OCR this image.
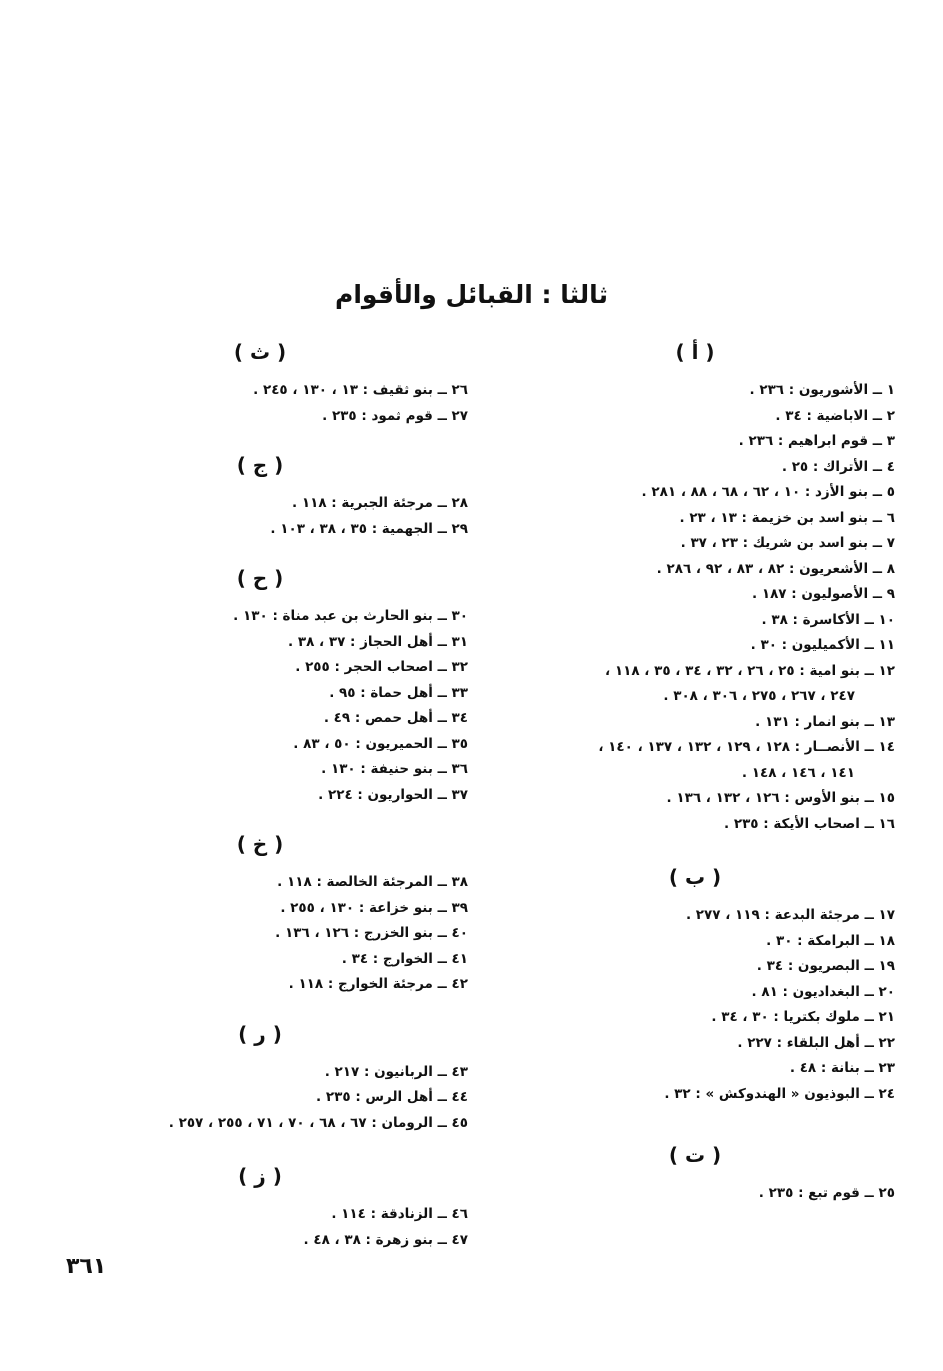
ثالثا : القبائل والأقوام
( أ )
١ ــ الأشوريون : ٢٣٦ .
٢ ــ الاباضية : ٣٤ .
٣ ــ قوم ابراهيم : ٢٣٦ .
٤ ــ الأتراك : ٢٥ .
٥ ــ بنو الأزد : ١٠ ، ٦٢ ، ٦٨ ، ٨٨ ، ٢٨١ .
٦ ــ بنو اسد بن خزيمة : ١٣ ، ٢٣ .
٧ ــ بنو اسد بن شريك : ٢٣ ، ٣٧ .
٨ ــ الأشعريون : ٨٢ ، ٨٣ ، ٩٢ ، ٢٨٦ .
٩ ــ الأصوليون : ١٨٧ .
١٠ ــ الأكاسرة : ٣٨ .
١١ ــ الأكميليون : ٣٠ .
١٢ ــ بنو امية : ٢٥ ، ٢٦ ، ٣٢ ، ٣٤ ، ٣٥ ، ١١٨ ،
٢٤٧ ، ٢٦٧ ، ٢٧٥ ، ٣٠٦ ، ٣٠٨ .
١٣ ــ بنو انمار : ١٣١ .
١٤ ــ الأنصــار : ١٢٨ ، ١٢٩ ، ١٣٢ ، ١٣٧ ، ١٤٠ ،
١٤١ ، ١٤٦ ، ١٤٨ .
١٥ ــ بنو الأوس : ١٢٦ ، ١٣٢ ، ١٣٦ .
١٦ ــ اصحاب الأيكة : ٢٣٥ .
( ب )
١٧ ــ مرجئة البدعة : ١١٩ ، ٢٧٧ .
١٨ ــ البرامكة : ٣٠ .
١٩ ــ البصريون : ٣٤ .
٢٠ ــ البغداديون : ٨١ .
٢١ ــ ملوك بكتريا : ٣٠ ، ٣٤ .
٢٢ ــ أهل البلقاء : ٢٢٧ .
٢٣ ــ بنانة : ٤٨ .
٢٤ ــ البوذيون « الهندوكش » : ٣٢ .
( ت )
٢٥ ــ قوم تبع : ٢٣٥ .
( ث )
٢٦ ــ بنو ثقيف : ١٣ ، ١٣٠ ، ٢٤٥ .
٢٧ ــ قوم ثمود : ٢٣٥ .
( ج )
٢٨ ــ مرجئة الجبرية : ١١٨ .
٢٩ ــ الجهمية : ٣٥ ، ٣٨ ، ١٠٣ .
( ح )
٣٠ ــ بنو الحارث بن عبد مناة : ١٣٠ .
٣١ ــ أهل الحجاز : ٣٧ ، ٣٨ .
٣٢ ــ اصحاب الحجر : ٢٥٥ .
٣٣ ــ أهل حماة : ٩٥ .
٣٤ ــ أهل حمص : ٤٩ .
٣٥ ــ الحميريون : ٥٠ ، ٨٣ .
٣٦ ــ بنو حنيفة : ١٣٠ .
٣٧ ــ الحواريون : ٢٢٤ .
( خ )
٣٨ ــ المرجئة الخالصة : ١١٨ .
٣٩ ــ بنو خزاعة : ١٣٠ ، ٢٥٥ .
٤٠ ــ بنو الخزرج : ١٢٦ ، ١٣٦ .
٤١ ــ الخوارج : ٣٤ .
٤٢ ــ مرجئة الخوارج : ١١٨ .
( ر )
٤٣ ــ الربانيون : ٢١٧ .
٤٤ ــ أهل الرس : ٢٣٥ .
٤٥ ــ الرومان : ٦٧ ، ٦٨ ، ٧٠ ، ٧١ ، ٢٥٥ ، ٢٥٧ .
( ز )
٤٦ ــ الزنادقة : ١١٤ .
٤٧ ــ بنو زهرة : ٣٨ ، ٤٨ .
٣٦١
